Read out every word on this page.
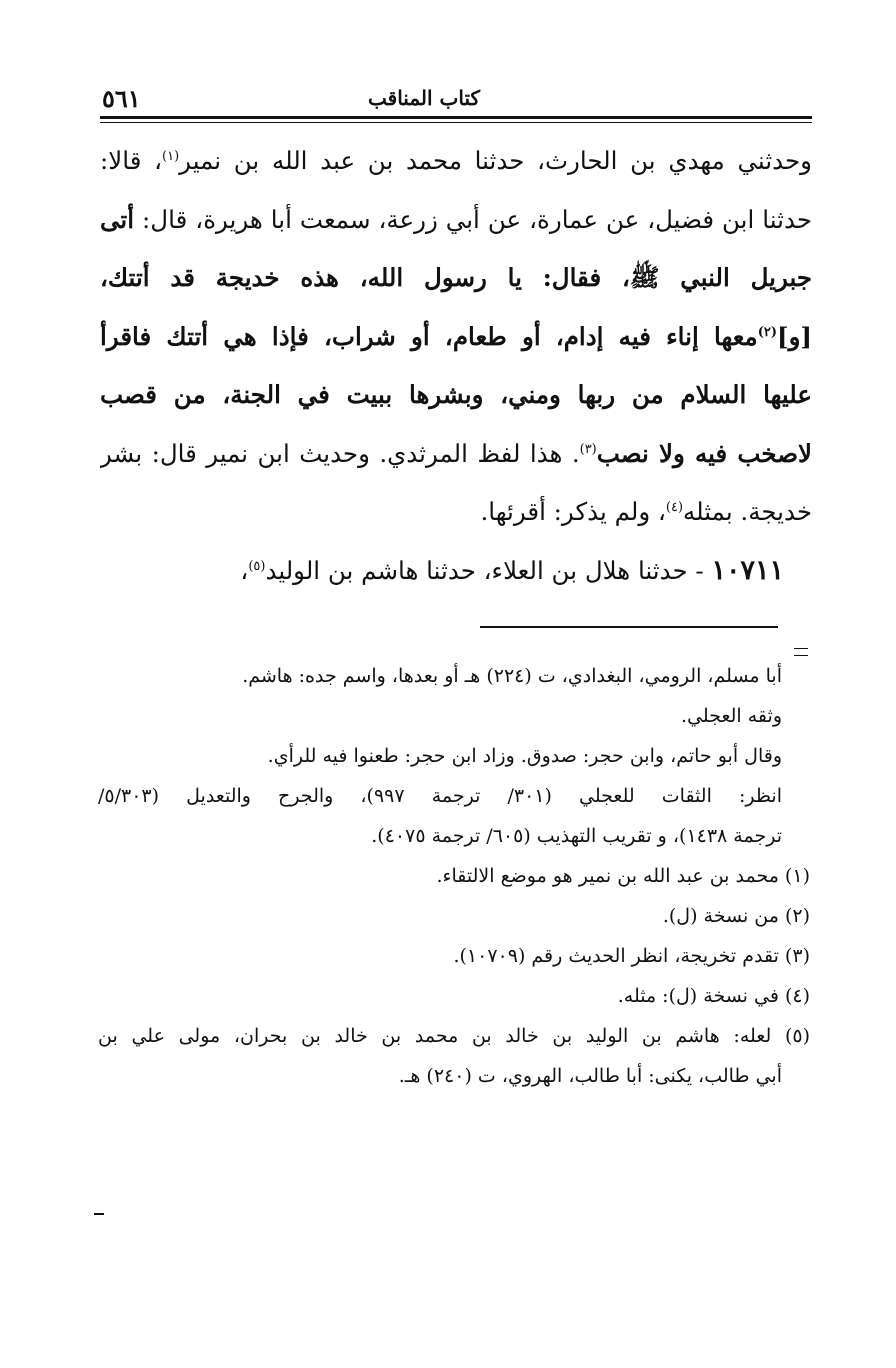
كتاب المناقب
٥٦١
وحدثني مهدي بن الحارث، حدثنا محمد بن عبد الله بن نمير$^{(١)}$، قالا:
حدثنا ابن فضيل، عن عمارة، عن أبي زرعة، سمعت أبا هريرة، قال: أتى
جبريل النبي ﷺ، فقال: يا رسول الله، هذه خديجة قد أتتك،
[و]$^{(٢)}$معها إناء فيه إدام، أو طعام، أو شراب، فإذا هي أتتك فاقرأ
عليها السلام من ربها ومني، وبشرها ببيت في الجنة، من قصب
لاصخب فيه ولا نصب$^{(٣)}$. هذا لفظ المرثدي. وحديث ابن نمير قال: بشر
خديجة. بمثله$^{(٤)}$، ولم يذكر: أقرئها.
١٠٧١١ - حدثنا هلال بن العلاء، حدثنا هاشم بن الوليد$^{(٥)}$،
أبا مسلم، الرومي، البغدادي، ت (٢٢٤) هـ أو بعدها، واسم جده: هاشم.
وثقه العجلي.
وقال أبو حاتم، وابن حجر: صدوق. وزاد ابن حجر: طعنوا فيه للرأي.
انظر: الثقات للعجلي (٣٠١/ ترجمة ٩٩٧)، والجرح والتعديل (٥/٣٠٣/
ترجمة ١٤٣٨)، و تقريب التهذيب (٦٠٥/ ترجمة ٤٠٧٥).
(١) محمد بن عبد الله بن نمير هو موضع الالتقاء.
(٢) من نسخة (ل).
(٣) تقدم تخريجة، انظر الحديث رقم (١٠٧٠٩).
(٤) في نسخة (ل): مثله.
(٥) لعله: هاشم بن الوليد بن خالد بن محمد بن خالد بن بحران، مولى علي بن
أبي طالب، يكنى: أبا طالب، الهروي، ت (٢٤٠) هـ.
